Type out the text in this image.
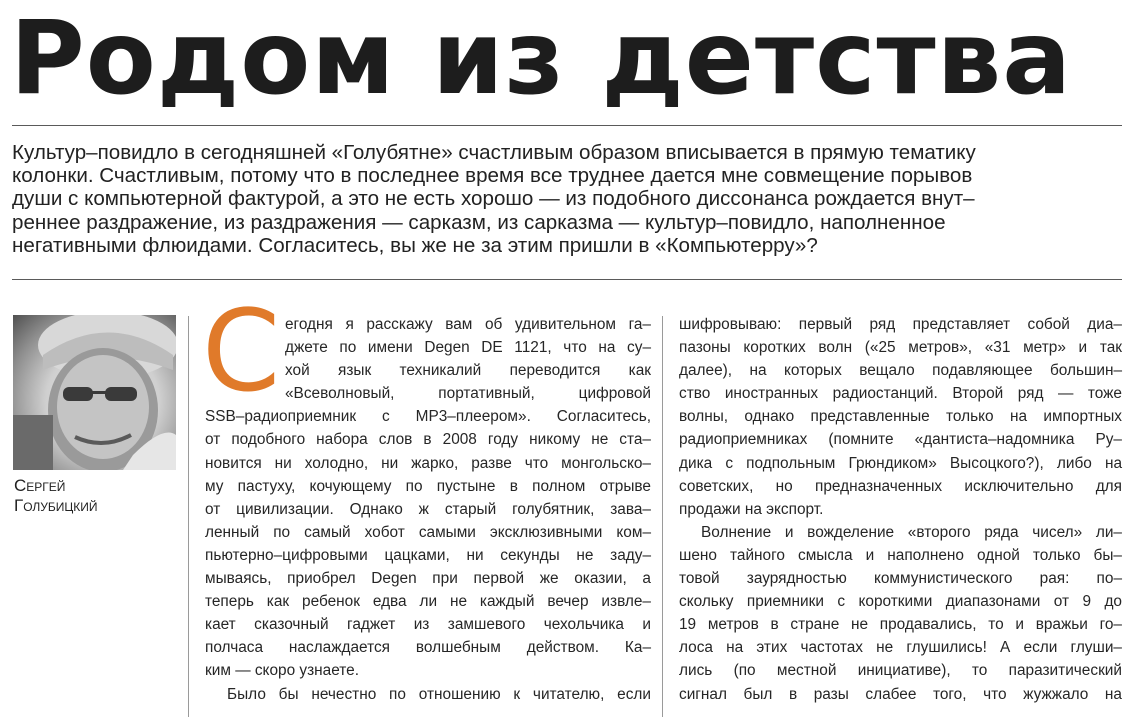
Родом из детства
Культур–повидло в сегодняшней «Голубятне» счастливым образом вписывается в прямую тематику
колонки. Счастливым, потому что в последнее время все труднее дается мне совмещение порывов
души с компьютерной фактурой, а это не есть хорошо — из подобного диссонанса рождается внут–
реннее раздражение, из раздражения — сарказм, из сарказма — культур–повидло, наполненное
негативными флюидами. Согласитесь, вы же не за этим пришли в «Компьютерру»?
Сергей
Голубицкий
С егодня я расскажу вам об удивительном га–
джете по имени Degen DE 1121, что на су–
хой язык техникалий переводится как
«Всеволновый, портативный, цифровой
SSB–радиоприемник с MP3–плеером». Согласитесь,
от подобного набора слов в 2008 году никому не ста–
новится ни холодно, ни жарко, разве что монгольско–
му пастуху, кочующему по пустыне в полном отрыве
от цивилизации. Однако ж старый голубятник, зава–
ленный по самый хобот самыми эксклюзивными ком–
пьютерно–цифровыми цацками, ни секунды не заду–
мываясь, приобрел Degen при первой же оказии, а
теперь как ребенок едва ли не каждый вечер извле–
кает сказочный гаджет из замшевого чехольчика и
полчаса наслаждается волшебным действом. Ка–
ким — скоро узнаете.
Было бы нечестно по отношению к читателю, если
шифровываю: первый ряд представляет собой диа–
пазоны коротких волн («25 метров», «31 метр» и так
далее), на которых вещало подавляющее большин–
ство иностранных радиостанций. Второй ряд — тоже
волны, однако представленные только на импортных
радиоприемниках (помните «дантиста–надомника Ру–
дика с подпольным Грюндиком» Высоцкого?), либо на
советских, но предназначенных исключительно для
продажи на экспорт.
Волнение и вожделение «второго ряда чисел» ли–
шено тайного смысла и наполнено одной только бы–
товой заурядностью коммунистического рая: по–
скольку приемники с короткими диапазонами от 9 до
19 метров в стране не продавались, то и вражьи го–
лоса на этих частотах не глушились! А если глуши–
лись (по местной инициативе), то паразитический
сигнал был в разы слабее того, что жужжало на
